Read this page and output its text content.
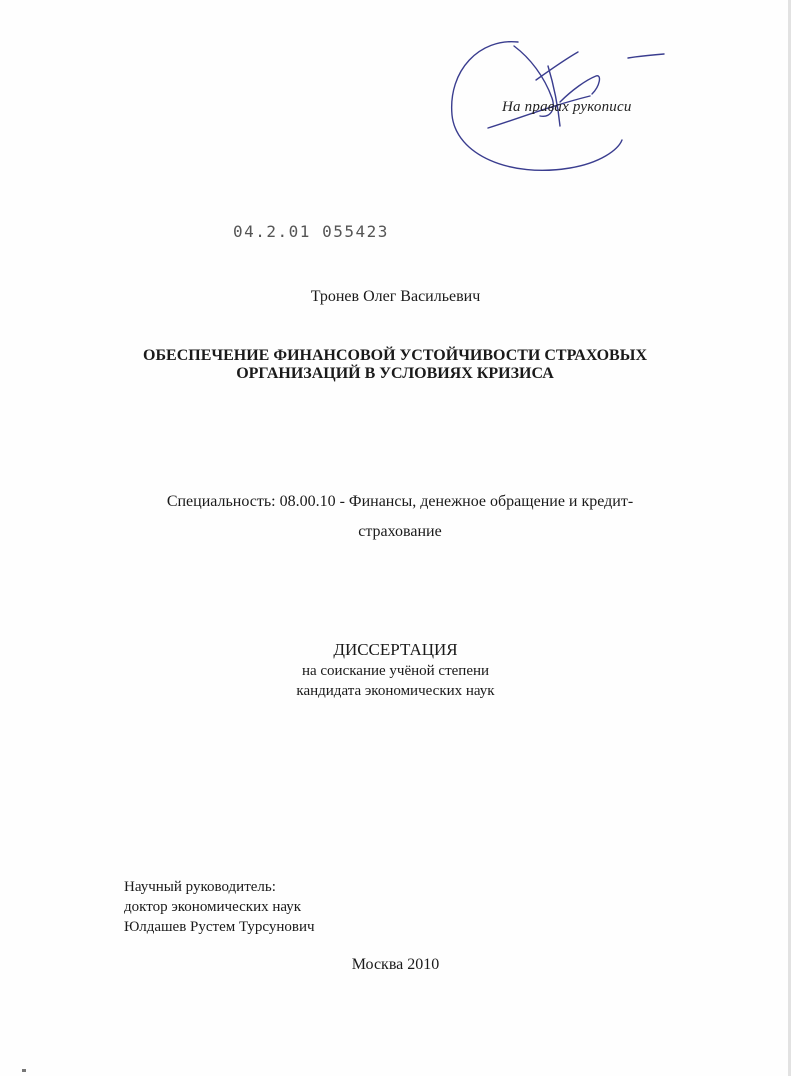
На правах рукописи
04.2.01 055423
Тронев Олег Васильевич
ОБЕСПЕЧЕНИЕ ФИНАНСОВОЙ УСТОЙЧИВОСТИ СТРАХОВЫХ
ОРГАНИЗАЦИЙ В УСЛОВИЯХ КРИЗИСА
Специальность: 08.00.10 - Финансы, денежное обращение и кредит-
страхование
ДИССЕРТАЦИЯ
на соискание учёной степени
кандидата экономических наук
Научный руководитель:
доктор экономических наук
Юлдашев Рустем Турсунович
Москва 2010
